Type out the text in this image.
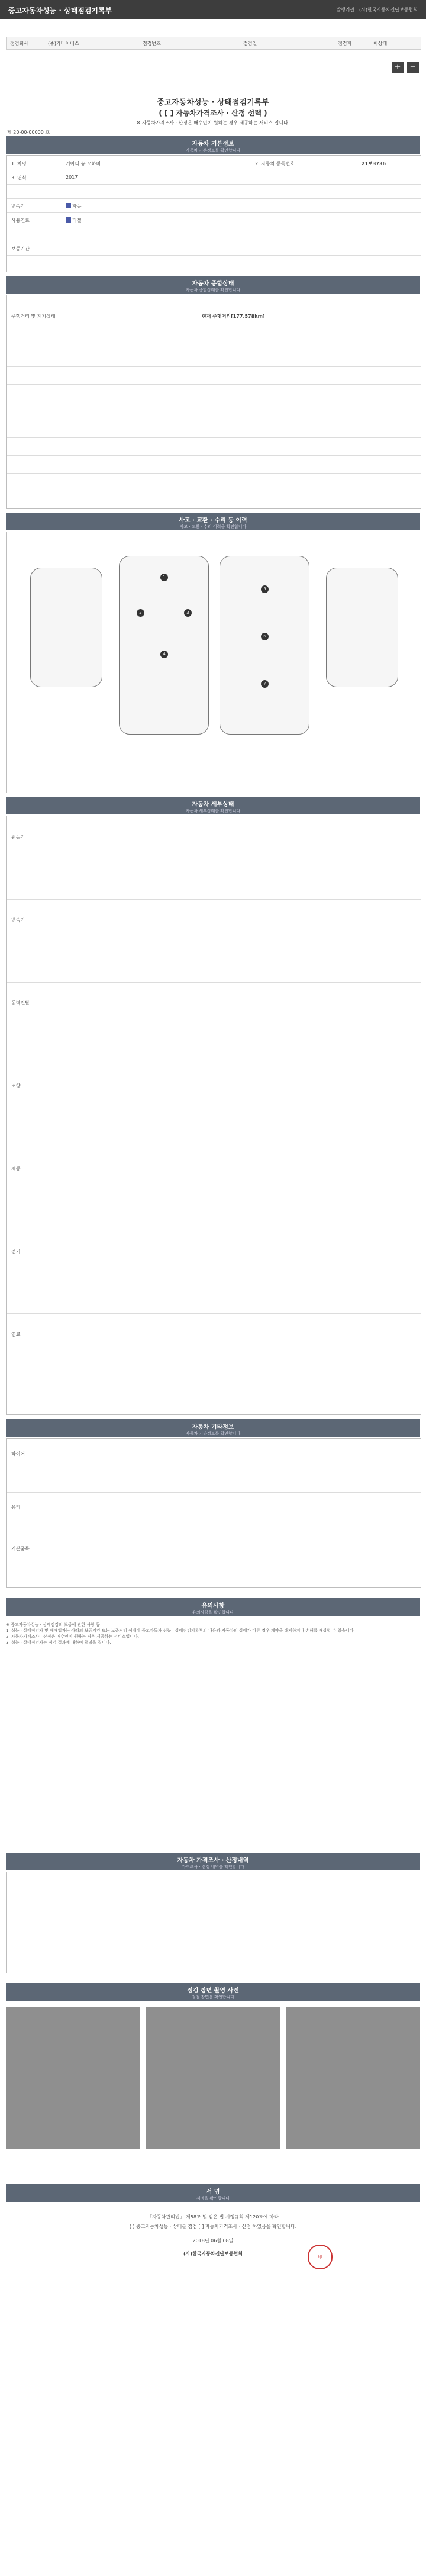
중고자동차성능 · 상태점검기록부	발행기관 : (사)한국자동차진단보증협회
점검회사	(주)카바이베스	점검번호	점검일	점검자	이상태
+ −
중고자동차성능 · 상태점검기록부
( [ ] 자동차가격조사 · 산정 선택 )
※ 자동차가격조사 · 산정은 매수인이 원하는 경우 제공하는 서비스 입니다.
제 20-00-00000 호
자동차 기본정보
자동차 기본정보를 확인합니다
1. 차명	기아더 뉴 모하비	2. 자동차 등록번호	21보3736
3. 연식	2017
변속기	자동
사용연료	디젤
보증기간
자동차 종합상태
자동차 종합상태를 확인합니다
주행거리 및 계기상태	현재 주행거리[177,578km]
사고 · 교환 · 수리 등 이력
사고 · 교환 · 수리 이력을 확인합니다
1
2	3
4
5
6
7
자동차 세부상태
자동차 세부상태를 확인합니다
원동기
변속기
동력전달
조향
제동
전기
연료
자동차 기타정보
자동차 기타정보를 확인합니다
타이어
유리
기본품목
유의사항
유의사항을 확인합니다
※ 중고자동차성능 · 상태점검의 보증에 관한 사항 등
1. 성능 · 상태점검자 및 매매업자는 아래의 보증기간 또는 보증거리 이내에 중고자동차 성능 · 상태점검기록부의 내용과 자동차의 상태가 다른 경우 계약을 해제하거나 손해를 배상할 수 있습니다.
2. 자동차가격조사 · 산정은 매수인이 원하는 경우 제공하는 서비스입니다.
3. 성능 · 상태점검자는 점검 결과에 대하여 책임을 집니다.
자동차 가격조사 · 산정내역
가격조사 · 산정 내역을 확인합니다
점검 장면 촬영 사진
점검 장면을 확인합니다
서 명
서명을 확인합니다
「자동차관리법」 제58조 및 같은 법 시행규칙 제120조에 따라
( ) 중고자동차성능 · 상태를 점검 [ ] 자동차가격조사 · 산정 하였음을 확인합니다.
2018년 06월 08일
(사)한국자동차진단보증협회
印
